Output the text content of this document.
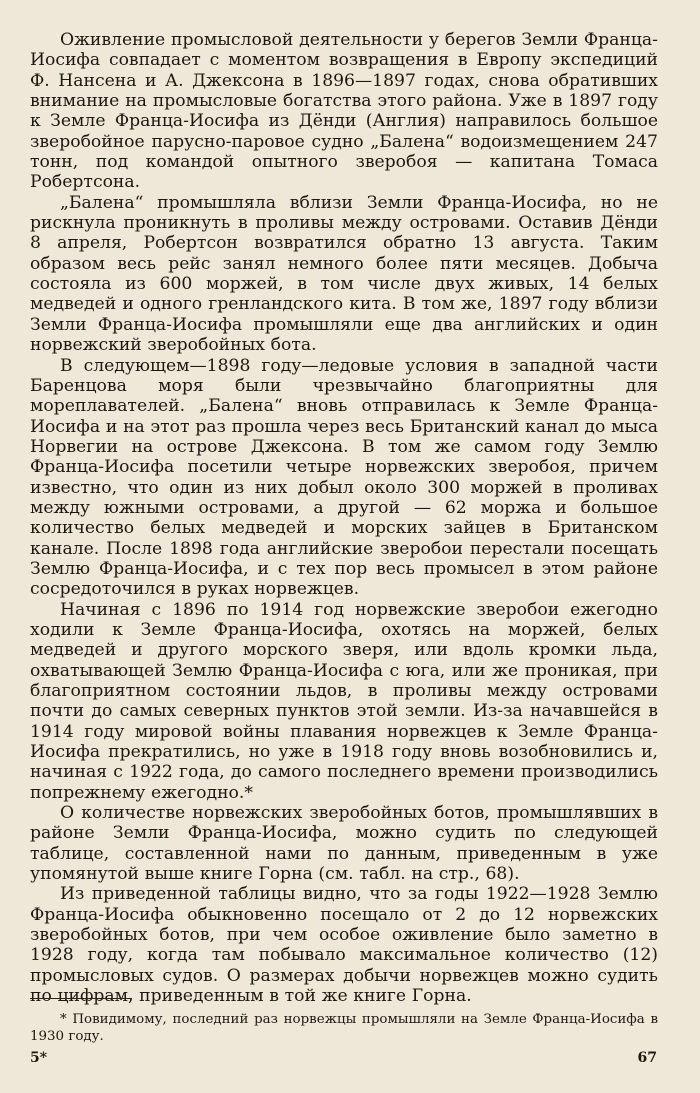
Оживление промысловой деятельности у берегов Земли Франца-Иосифа совпадает с моментом возвращения в Европу экспедиций Ф. Нансена и А. Джексона в 1896—1897 годах, снова обративших внимание на промысловые богатства этого района. Уже в 1897 году к Земле Франца-Иосифа из Дёнди (Англия) направилось большое зверобойное парусно-паровое судно „Балена“ водоизмещением 247 тонн, под командой опытного зверобоя — капитана Томаса Робертсона.

„Балена“ промышляла вблизи Земли Франца-Иосифа, но не рискнула проникнуть в проливы между островами. Оставив Дёнди 8 апреля, Робертсон возвратился обратно 13 августа. Таким образом весь рейс занял немного более пяти месяцев. Добыча состояла из 600 моржей, в том числе двух живых, 14 белых медведей и одного гренландского кита. В том же, 1897 году вблизи Земли Франца-Иосифа промышляли еще два английских и один норвежский зверобойных бота.

В следующем—1898 году—ледовые условия в западной части Баренцова моря были чрезвычайно благоприятны для мореплавателей. „Балена“ вновь отправилась к Земле Франца-Иосифа и на этот раз прошла через весь Британский канал до мыса Норвегии на острове Джексона. В том же самом году Землю Франца-Иосифа посетили четыре норвежских зверобоя, причем известно, что один из них добыл около 300 моржей в проливах между южными островами, а другой — 62 моржа и большое количество белых медведей и морских зайцев в Британском канале. После 1898 года английские зверобои перестали посещать Землю Франца-Иосифа, и с тех пор весь промысел в этом районе сосредоточился в руках норвежцев.

Начиная с 1896 по 1914 год норвежские зверобои ежегодно ходили к Земле Франца-Иосифа, охотясь на моржей, белых медведей и другого морского зверя, или вдоль кромки льда, охватывающей Землю Франца-Иосифа с юга, или же проникая, при благоприятном состоянии льдов, в проливы между островами почти до самых северных пунктов этой земли. Из-за начавшейся в 1914 году мировой войны плавания норвежцев к Земле Франца-Иосифа прекратились, но уже в 1918 году вновь возобновились и, начиная с 1922 года, до самого последнего времени производились попрежнему ежегодно.*

О количестве норвежских зверобойных ботов, промышлявших в районе Земли Франца-Иосифа, можно судить по следующей таблице, составленной нами по данным, приведенным в уже упомянутой выше книге Горна (см. табл. на стр., 68).

Из приведенной таблицы видно, что за годы 1922—1928 Землю Франца-Иосифа обыкновенно посещало от 2 до 12 норвежских зверобойных ботов, при чем особое оживление было заметно в 1928 году, когда там побывало максимальное количество (12) промысловых судов. О размерах добычи норвежцев можно судить по цифрам, приведенным в той же книге Горна.

* Повидимому, последний раз норвежцы промышляли на Земле Франца-Иосифа в 1930 году.

5*	67
